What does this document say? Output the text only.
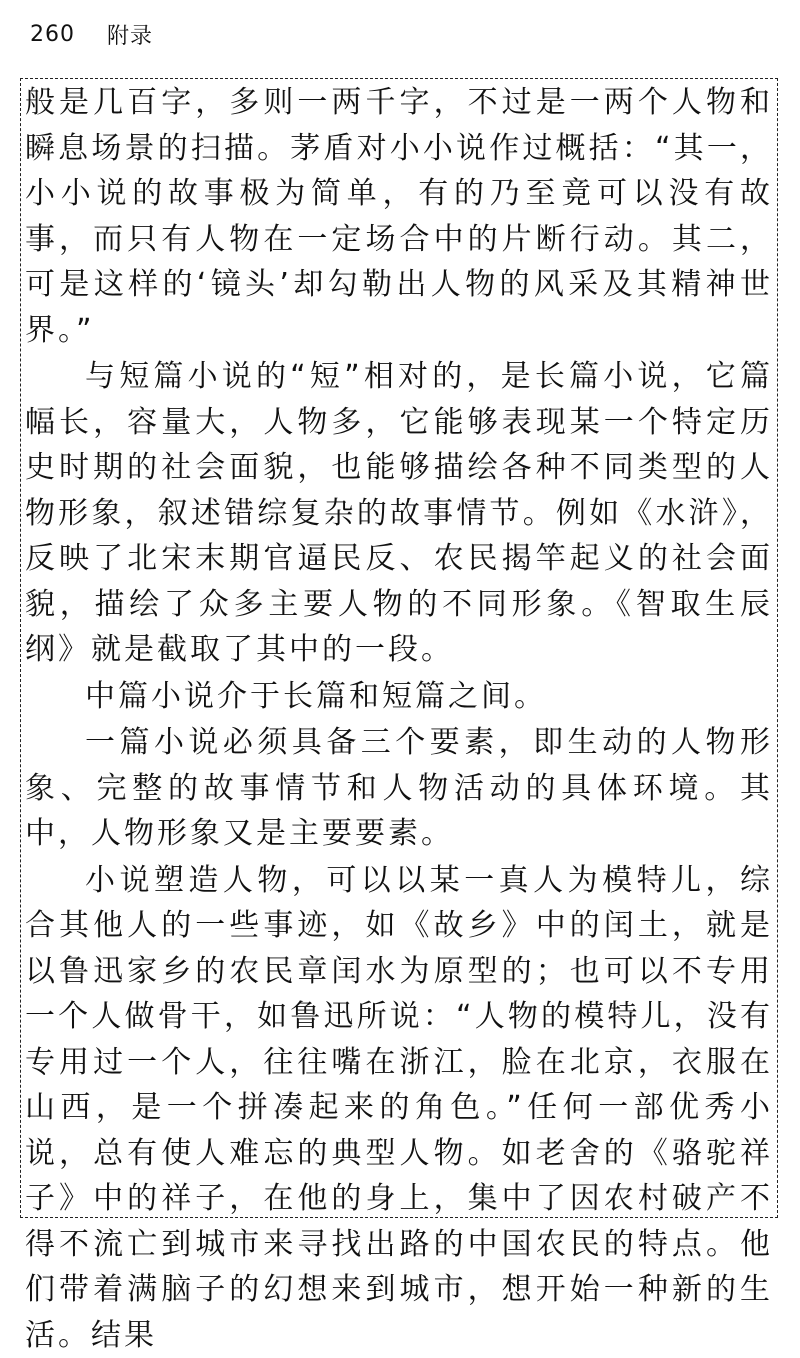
260 附录

般是几百字，多则一两千字，不过是一两个人物和瞬息场景的扫描。茅盾对小小说作过概括：“其一，小小说的故事极为简单，有的乃至竟可以没有故事，而只有人物在一定场合中的片断行动。其二，可是这样的‘镜头’却勾勒出人物的风采及其精神世界。”

与短篇小说的“短”相对的，是长篇小说，它篇幅长，容量大，人物多，它能够表现某一个特定历史时期的社会面貌，也能够描绘各种不同类型的人物形象，叙述错综复杂的故事情节。例如《水浒》，反映了北宋末期官逼民反、农民揭竿起义的社会面貌，描绘了众多主要人物的不同形象。《智取生辰纲》就是截取了其中的一段。

中篇小说介于长篇和短篇之间。

一篇小说必须具备三个要素，即生动的人物形象、完整的故事情节和人物活动的具体环境。其中，人物形象又是主要要素。

小说塑造人物，可以以某一真人为模特儿，综合其他人的一些事迹，如《故乡》中的闰土，就是以鲁迅家乡的农民章闰水为原型的；也可以不专用一个人做骨干，如鲁迅所说：“人物的模特儿，没有专用过一个人，往往嘴在浙江，脸在北京，衣服在山西，是一个拼凑起来的角色。”任何一部优秀小说，总有使人难忘的典型人物。如老舍的《骆驼祥子》中的祥子，在他的身上，集中了因农村破产不得不流亡到城市来寻找出路的中国农民的特点。他们带着满脑子的幻想来到城市，想开始一种新的生活。结果
